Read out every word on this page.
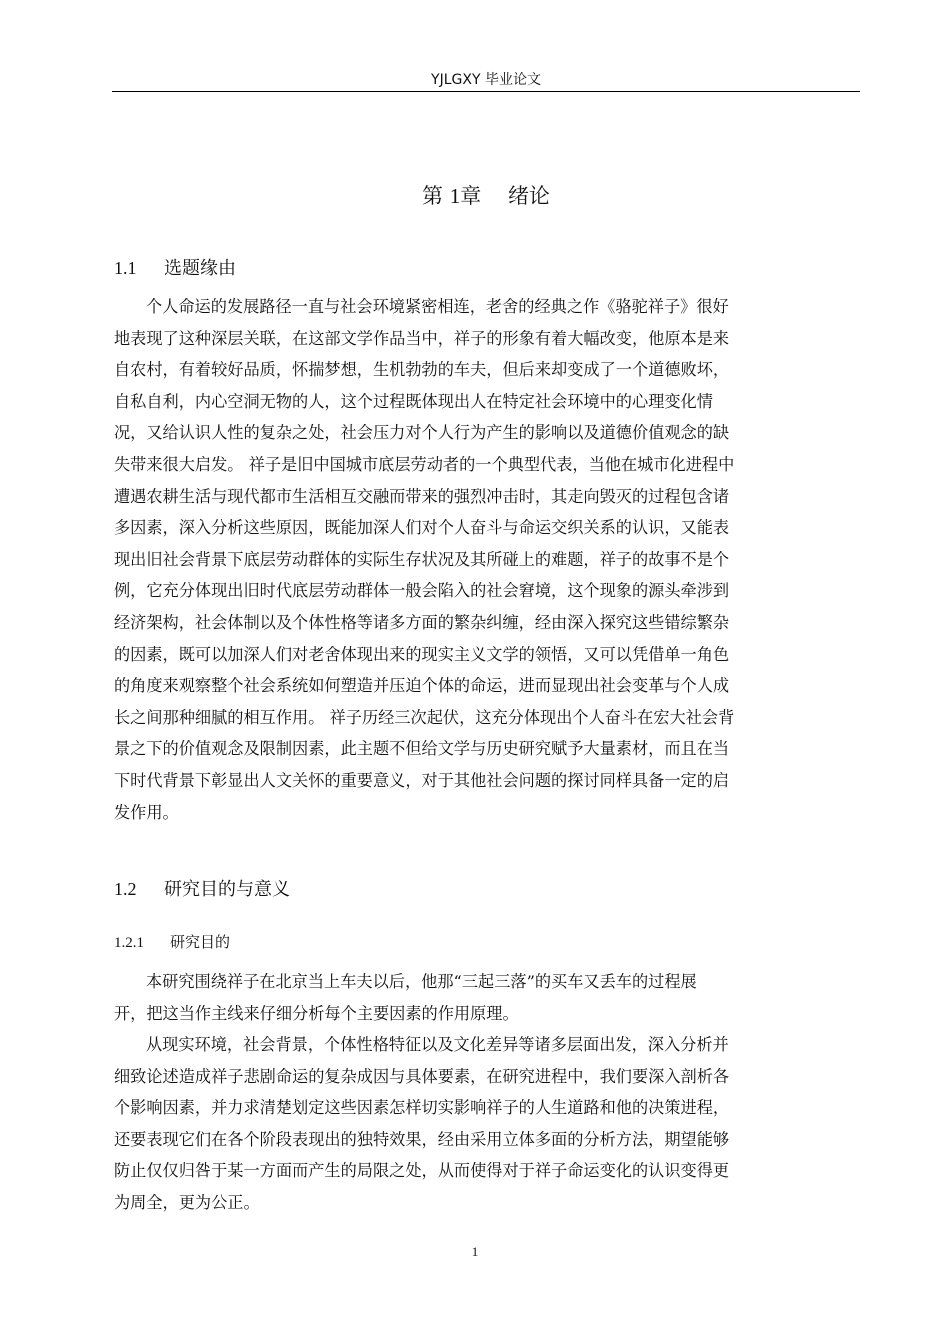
YJLGXY 毕业论文
第 1章 绪论
1.1 选题缘由
个人命运的发展路径一直与社会环境紧密相连，老舍的经典之作《骆驼祥子》很好
地表现了这种深层关联，在这部文学作品当中，祥子的形象有着大幅改变，他原本是来
自农村，有着较好品质，怀揣梦想，生机勃勃的车夫，但后来却变成了一个道德败坏，
自私自利，内心空洞无物的人，这个过程既体现出人在特定社会环境中的心理变化情
况，又给认识人性的复杂之处，社会压力对个人行为产生的影响以及道德价值观念的缺
失带来很大启发。 祥子是旧中国城市底层劳动者的一个典型代表，当他在城市化进程中
遭遇农耕生活与现代都市生活相互交融而带来的强烈冲击时，其走向毁灭的过程包含诸
多因素，深入分析这些原因，既能加深人们对个人奋斗与命运交织关系的认识，又能表
现出旧社会背景下底层劳动群体的实际生存状况及其所碰上的难题，祥子的故事不是个
例，它充分体现出旧时代底层劳动群体一般会陷入的社会窘境，这个现象的源头牵涉到
经济架构，社会体制以及个体性格等诸多方面的繁杂纠缠，经由深入探究这些错综繁杂
的因素，既可以加深人们对老舍体现出来的现实主义文学的领悟，又可以凭借单一角色
的角度来观察整个社会系统如何塑造并压迫个体的命运，进而显现出社会变革与个人成
长之间那种细腻的相互作用。 祥子历经三次起伏，这充分体现出个人奋斗在宏大社会背
景之下的价值观念及限制因素，此主题不但给文学与历史研究赋予大量素材，而且在当
下时代背景下彰显出人文关怀的重要意义，对于其他社会问题的探讨同样具备一定的启
发作用。
1.2 研究目的与意义
1.2.1 研究目的
本研究围绕祥子在北京当上车夫以后，他那“三起三落”的买车又丢车的过程展
开，把这当作主线来仔细分析每个主要因素的作用原理。
从现实环境，社会背景，个体性格特征以及文化差异等诸多层面出发，深入分析并
细致论述造成祥子悲剧命运的复杂成因与具体要素，在研究进程中，我们要深入剖析各
个影响因素，并力求清楚划定这些因素怎样切实影响祥子的人生道路和他的决策进程，
还要表现它们在各个阶段表现出的独特效果，经由采用立体多面的分析方法，期望能够
防止仅仅归咎于某一方面而产生的局限之处，从而使得对于祥子命运变化的认识变得更
为周全，更为公正。
1
